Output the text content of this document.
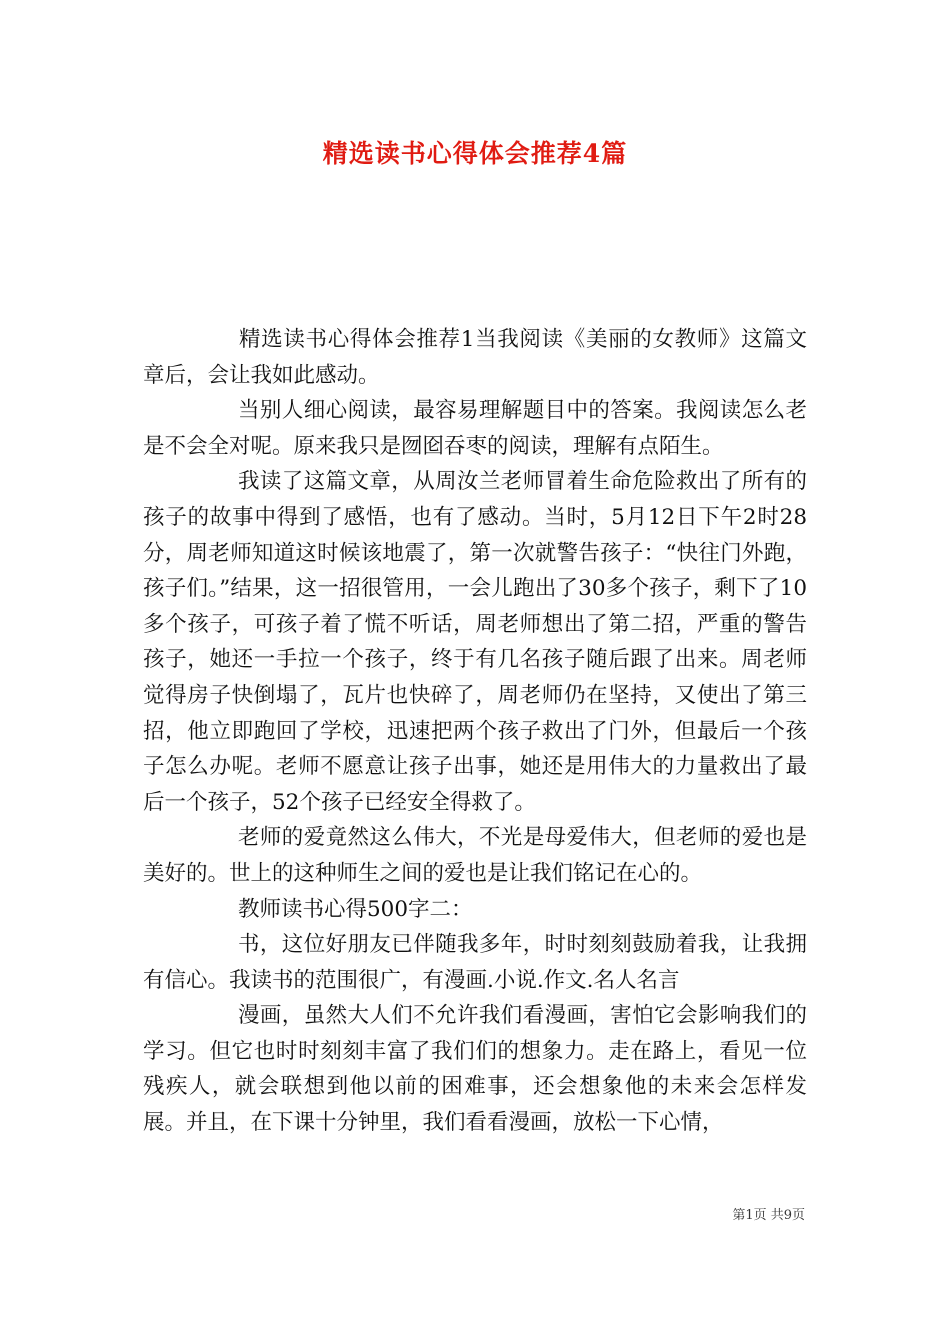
精选读书心得体会推荐4篇

精选读书心得体会推荐1当我阅读《美丽的女教师》这篇文章后，会让我如此感动。

当别人细心阅读，最容易理解题目中的答案。我阅读怎么老是不会全对呢。原来我只是囫囵吞枣的阅读，理解有点陌生。

我读了这篇文章，从周汝兰老师冒着生命危险救出了所有的孩子的故事中得到了感悟，也有了感动。当时，5月12日下午2时28分，周老师知道这时候该地震了，第一次就警告孩子：“快往门外跑，孩子们。”结果，这一招很管用，一会儿跑出了30多个孩子，剩下了10多个孩子，可孩子着了慌不听话，周老师想出了第二招，严重的警告孩子，她还一手拉一个孩子，终于有几名孩子随后跟了出来。周老师觉得房子快倒塌了，瓦片也快碎了，周老师仍在坚持，又使出了第三招，他立即跑回了学校，迅速把两个孩子救出了门外，但最后一个孩子怎么办呢。老师不愿意让孩子出事，她还是用伟大的力量救出了最后一个孩子，52个孩子已经安全得救了。

老师的爱竟然这么伟大，不光是母爱伟大，但老师的爱也是美好的。世上的这种师生之间的爱也是让我们铭记在心的。

教师读书心得500字二：

书，这位好朋友已伴随我多年，时时刻刻鼓励着我，让我拥有信心。我读书的范围很广，有漫画.小说.作文.名人名言

漫画，虽然大人们不允许我们看漫画，害怕它会影响我们的学习。但它也时时刻刻丰富了我们们的想象力。走在路上，看见一位残疾人，就会联想到他以前的困难事，还会想象他的未来会怎样发展。并且，在下课十分钟里，我们看看漫画，放松一下心情，

第1页 共9页
